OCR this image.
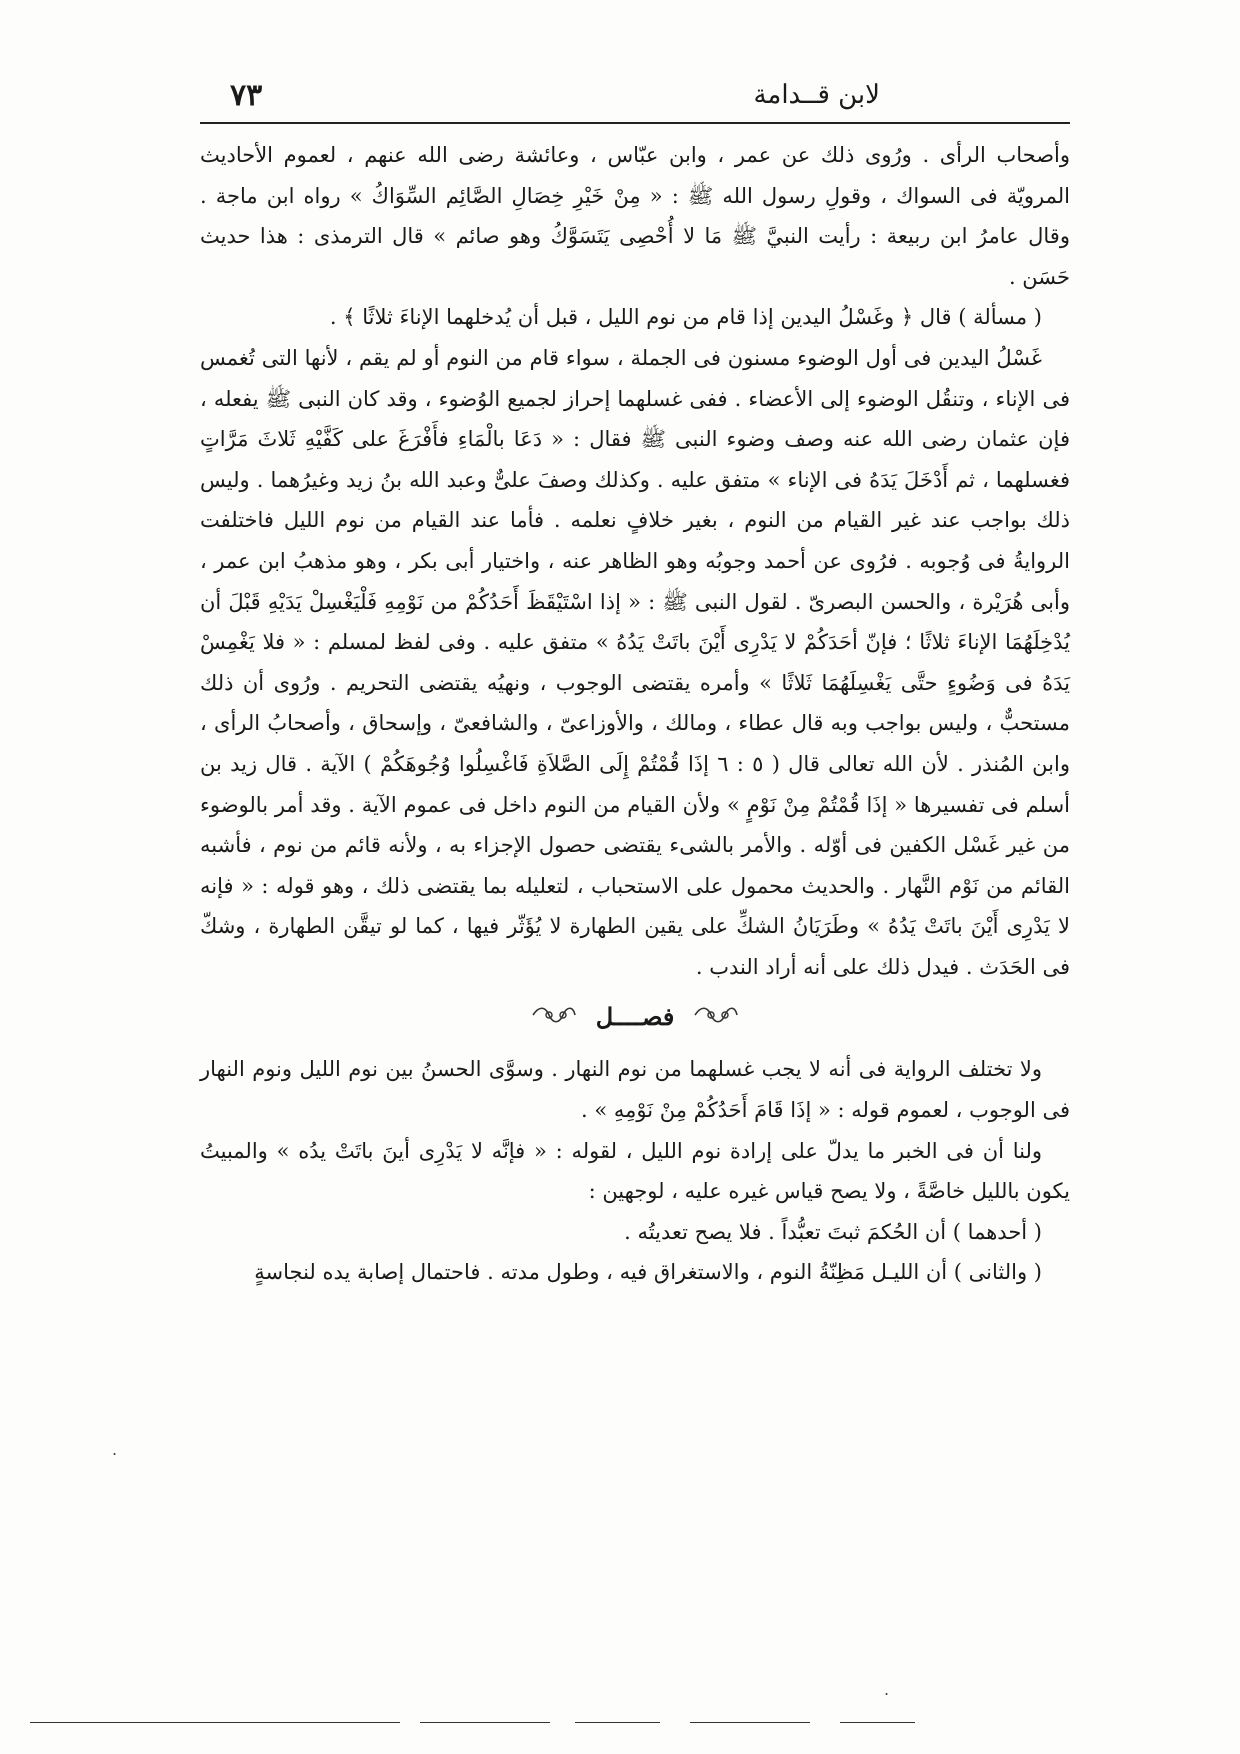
لابن قــدامة
٧٣

وأصحاب الرأى . ورُوى ذلك عن عمر ، وابن عبّاس ، وعائشة رضى الله عنهم ، لعموم الأحاديث المرويّة فى السواك ، وقولِ رسول الله ﷺ : « مِنْ خَيْرِ خِصَالِ الصَّائِم السِّوَاكُ » رواه ابن ماجة . وقال عامرُ ابن ربيعة : رأيت النبيَّ ﷺ مَا لا أُحْصِى يَتَسَوَّكُ وهو صائم » قال الترمذى : هذا حديث حَسَن .

( مسألة ) قال ﴿ وغَسْلُ اليدين إذا قام من نوم الليل ، قبل أن يُدخلهما الإناءَ ثلاثًا ﴾ .

غَسْلُ اليدين فى أول الوضوء مسنون فى الجملة ، سواء قام من النوم أو لم يقم ، لأنها التى تُغمس فى الإناء ، وتنقُل الوضوء إلى الأعضاء . ففى غسلهما إحراز لجميع الوُضوء ، وقد كان النبى ﷺ يفعله ، فإن عثمان رضى الله عنه وصف وضوء النبى ﷺ فقال : « دَعَا بالْمَاءِ فأَفْرَغَ على كَفَّيْهِ ثَلاثَ مَرَّاتٍ فغسلهما ، ثم أَدْخَلَ يَدَهُ فى الإناء » متفق عليه . وكذلك وصفَ علىٌّ وعبد الله بنُ زيد وغيرُهما . وليس ذلك بواجب عند غير القيام من النوم ، بغير خلافٍ نعلمه . فأما عند القيام من نوم الليل فاختلفت الروايةُ فى وُجوبه . فرُوى عن أحمد وجوبُه وهو الظاهر عنه ، واختيار أبى بكر ، وهو مذهبُ ابن عمر ، وأبى هُرَيْرة ، والحسن البصرىّ . لقول النبى ﷺ : « إذا اسْتَيْقَظَ أَحَدُكُمْ من نَوْمِهِ فَلْيَغْسِلْ يَدَيْهِ قَبْلَ أن يُدْخِلَهُمَا الإناءَ ثلاثًا ؛ فإنّ أحَدَكُمْ لا يَدْرِى أَيْنَ باتَتْ يَدُهُ » متفق عليه . وفى لفظ لمسلم : « فلا يَغْمِسْ يَدَهُ فى وَضُوءٍ حتَّى يَغْسِلَهُمَا ثَلاثًا » وأمره يقتضى الوجوب ، ونهيُه يقتضى التحريم . ورُوى أن ذلك مستحبٌّ ، وليس بواجب وبه قال عطاء ، ومالك ، والأوزاعىّ ، والشافعىّ ، وإسحاق ، وأصحابُ الرأى ، وابن المُنذر . لأن الله تعالى قال ( ٥ : ٦ إذَا قُمْتُمْ إِلَى الصَّلاَةِ فَاغْسِلُوا وُجُوهَكُمْ ) الآية . قال زيد بن أسلم فى تفسيرها « إذَا قُمْتُمْ مِنْ نَوْمٍ » ولأن القيام من النوم داخل فى عموم الآية . وقد أمر بالوضوء من غير غَسْل الكفين فى أوّله . والأمر بالشىء يقتضى حصول الإجزاء به ، ولأنه قائم من نوم ، فأشبه القائم من نَوْم النَّهار . والحديث محمول على الاستحباب ، لتعليله بما يقتضى ذلك ، وهو قوله : « فإنه لا يَدْرِى أَيْنَ باتَتْ يَدُهُ » وطَرَيَانُ الشكِّ على يقين الطهارة لا يُؤَثّر فيها ، كما لو تيقَّن الطهارة ، وشكّ فى الحَدَث . فيدل ذلك على أنه أراد الندب .

فصــــل

ولا تختلف الرواية فى أنه لا يجب غسلهما من نوم النهار . وسوَّى الحسنُ بين نوم الليل ونوم النهار فى الوجوب ، لعموم قوله : « إذَا قَامَ أَحَدُكُمْ مِنْ نَوْمِهِ » .

ولنا أن فى الخبر ما يدلّ على إرادة نوم الليل ، لقوله : « فإنَّه لا يَدْرِى أينَ باتَتْ يدُه » والمبيتُ يكون بالليل خاصَّةً ، ولا يصح قياس غيره عليه ، لوجهين :

( أحدهما ) أن الحُكمَ ثبتَ تعبُّداً . فلا يصح تعديتُه .

( والثانى ) أن الليـل مَظِنّةُ النوم ، والاستغراق فيه ، وطول مدته . فاحتمال إصابة يده لنجاسةٍ

.
.
